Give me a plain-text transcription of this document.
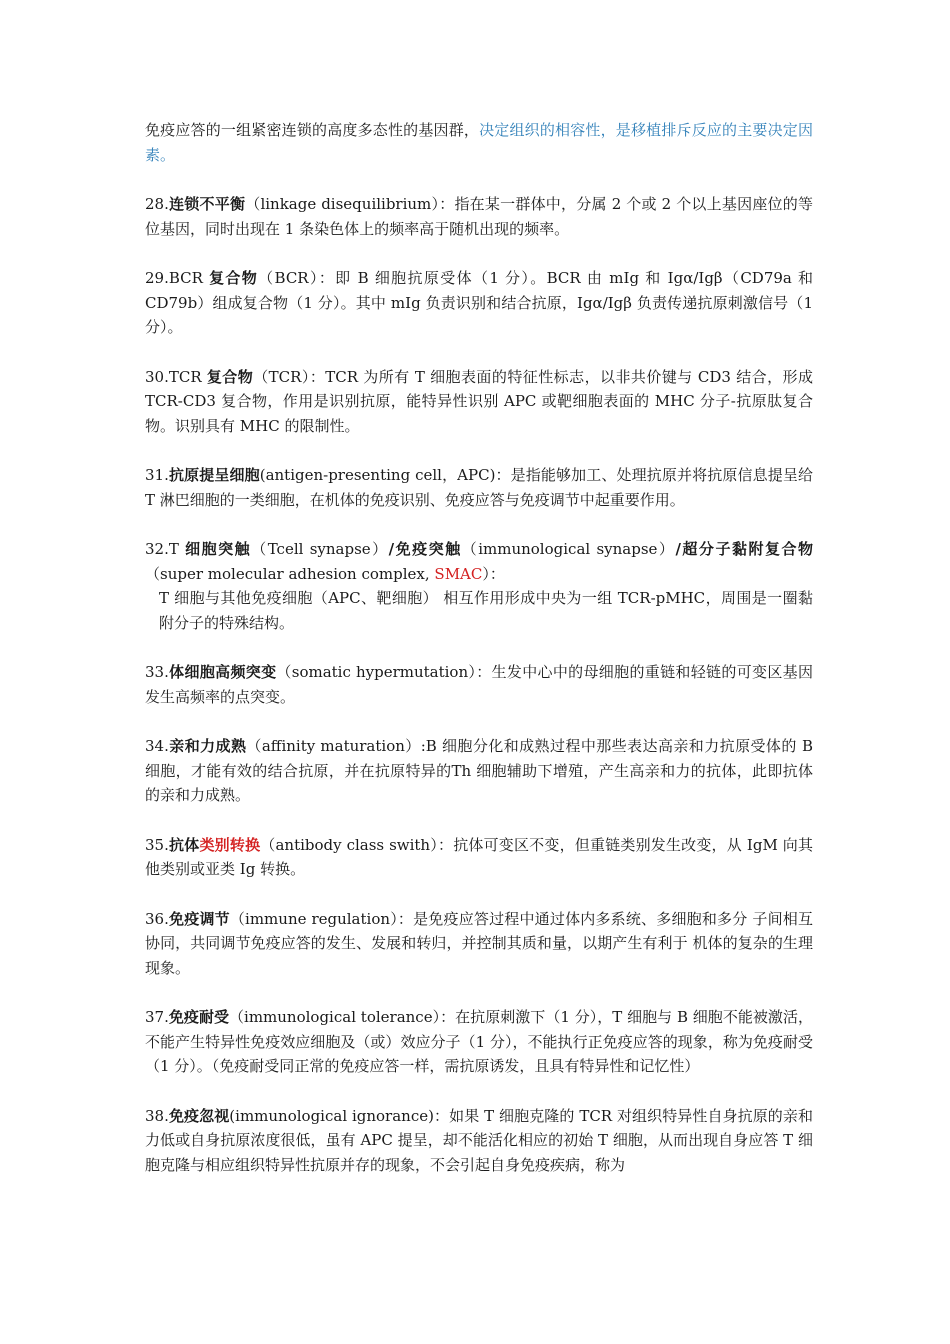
免疫应答的一组紧密连锁的高度多态性的基因群，决定组织的相容性，是移植排斥反应的主要决定因素。

28.连锁不平衡（linkage disequilibrium）：指在某一群体中，分属 2 个或 2 个以上基因座位的等位基因，同时出现在 1 条染色体上的频率高于随机出现的频率。

29.BCR 复合物（BCR）：即 B 细胞抗原受体（1 分）。BCR 由 mIg 和 Igα/Igβ（CD79a 和 CD79b）组成复合物（1 分）。其中 mIg 负责识别和结合抗原，Igα/Igβ 负责传递抗原刺激信号（1 分）。

30.TCR 复合物（TCR）：TCR 为所有 T 细胞表面的特征性标志，以非共价键与 CD3 结合，形成 TCR-CD3 复合物，作用是识别抗原，能特异性识别 APC 或靶细胞表面的 MHC 分子-抗原肽复合物。识别具有 MHC 的限制性。

31.抗原提呈细胞(antigen-presenting cell，APC)：是指能够加工、处理抗原并将抗原信息提呈给 T 淋巴细胞的一类细胞，在机体的免疫识别、免疫应答与免疫调节中起重要作用。

32.T 细胞突触（Tcell synapse）/免疫突触（immunological synapse）/超分子黏附复合物（super molecular adhesion complex, SMAC）：

T 细胞与其他免疫细胞（APC、靶细胞） 相互作用形成中央为一组 TCR-pMHC，周围是一圈黏附分子的特殊结构。

33.体细胞高频突变（somatic hypermutation）：生发中心中的母细胞的重链和轻链的可变区基因发生高频率的点突变。

34.亲和力成熟（affinity maturation）:B 细胞分化和成熟过程中那些表达高亲和力抗原受体的 B 细胞，才能有效的结合抗原，并在抗原特异的Th 细胞辅助下增殖，产生高亲和力的抗体，此即抗体的亲和力成熟。

35.抗体类别转换（antibody class swith）：抗体可变区不变，但重链类别发生改变，从 IgM 向其他类别或亚类 Ig 转换。

36.免疫调节（immune regulation）：是免疫应答过程中通过体内多系统、多细胞和多分 子间相互协同，共同调节免疫应答的发生、发展和转归，并控制其质和量，以期产生有利于 机体的复杂的生理现象。

37.免疫耐受（immunological tolerance）：在抗原刺激下（1 分），T 细胞与 B 细胞不能被激活，不能产生特异性免疫效应细胞及（或）效应分子（1 分），不能执行正免疫应答的现象，称为免疫耐受（1 分）。（免疫耐受同正常的免疫应答一样，需抗原诱发，且具有特异性和记忆性）

38.免疫忽视(immunological ignorance)：如果 T 细胞克隆的 TCR 对组织特异性自身抗原的亲和力低或自身抗原浓度很低，虽有 APC 提呈，却不能活化相应的初始 T 细胞，从而出现自身应答 T 细胞克隆与相应组织特异性抗原并存的现象，不会引起自身免疫疾病，称为
